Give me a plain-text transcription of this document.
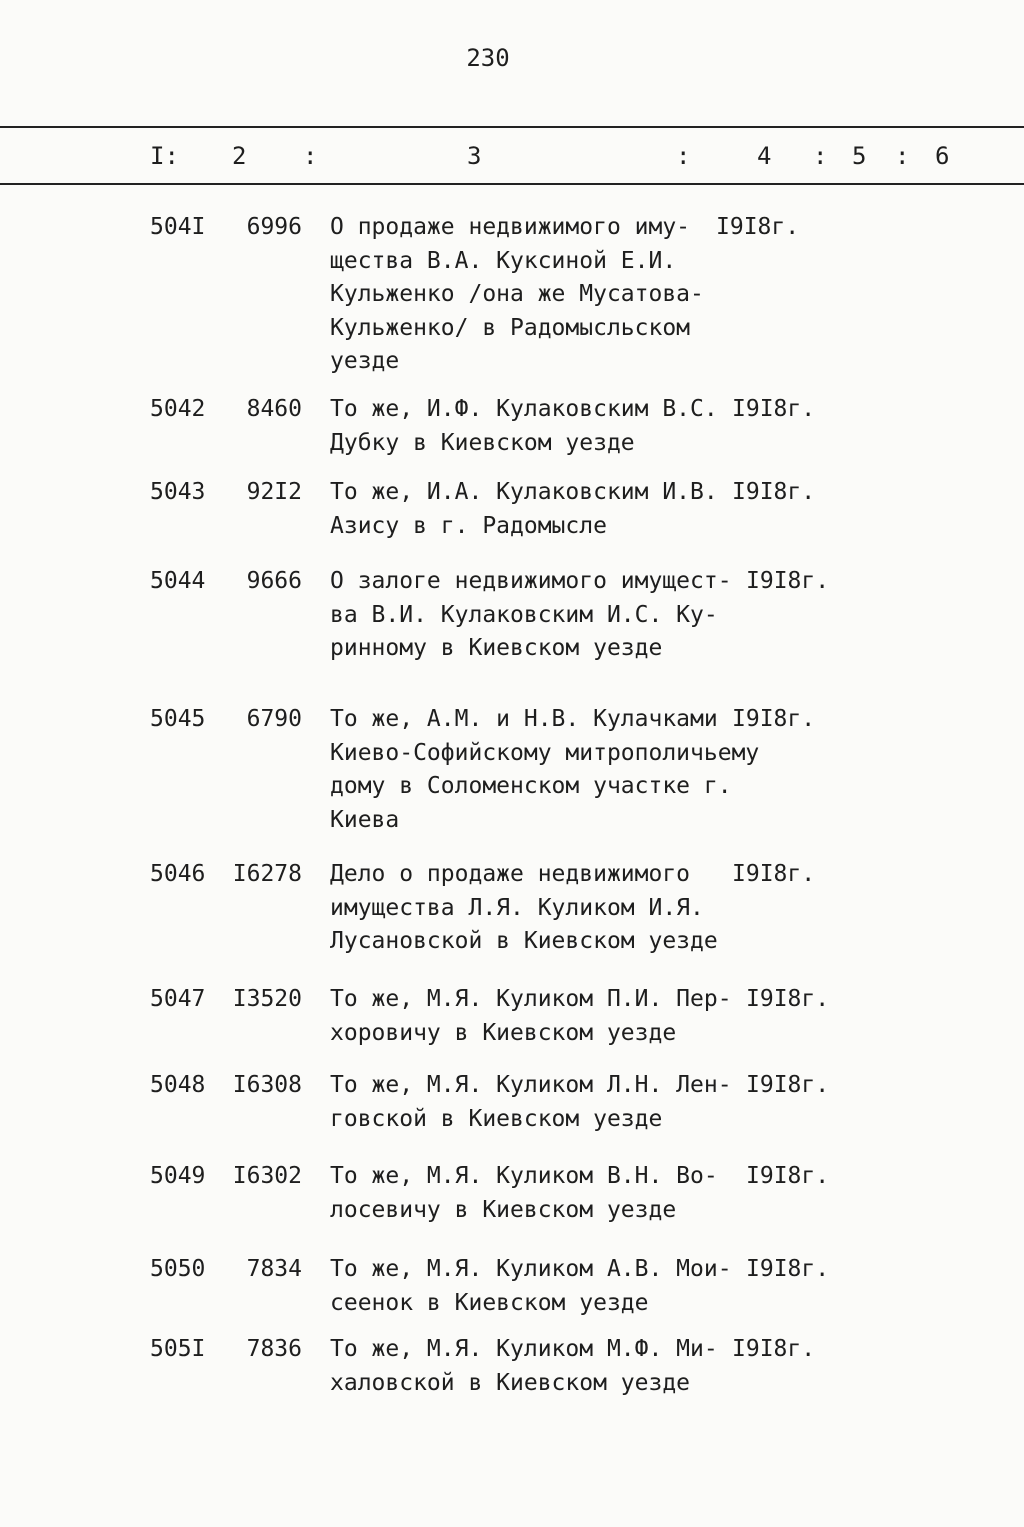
230
I: 2 :	3	:	4 : 5 : 6
504I	6996 О продаже недвижимого иму-
щества В.А. Куксиной Е.И.
Кульженко /она же Мусатова-
Кульженко/ в Радомысльском
уезде
I9I8г.
5042	8460 То же, И.Ф. Кулаковским В.С.
Дубку в Киевском уезде
I9I8г.
5043	92I2 То же, И.А. Кулаковским И.В.
Азису в г. Радомысле
I9I8г.
5044	9666 О залоге недвижимого имущест-
ва В.И. Кулаковским И.С. Ку-
ринному в Киевском уезде
I9I8г.
5045	6790 То же, А.М. и Н.В. Кулачками
Киево-Софийскому митрополичьему
дому в Соломенском участке г.
Киева
I9I8г.
5046	I6278 Дело о продаже недвижимого
имущества Л.Я. Куликом И.Я.
Лусановской в Киевском уезде
I9I8г.
5047	I3520 То же, М.Я. Куликом П.И. Пер-
хоровичу в Киевском уезде
I9I8г.
5048	I6308 То же, М.Я. Куликом Л.Н. Лен-
говской в Киевском уезде
I9I8г.
5049	I6302 То же, М.Я. Куликом В.Н. Во-
лосевичу в Киевском уезде
I9I8г.
5050	7834 То же, М.Я. Куликом А.В. Мои-
сеенок в Киевском уезде
I9I8г.
505I	7836 То же, М.Я. Куликом М.Ф. Ми-
халовской в Киевском уезде
I9I8г.
